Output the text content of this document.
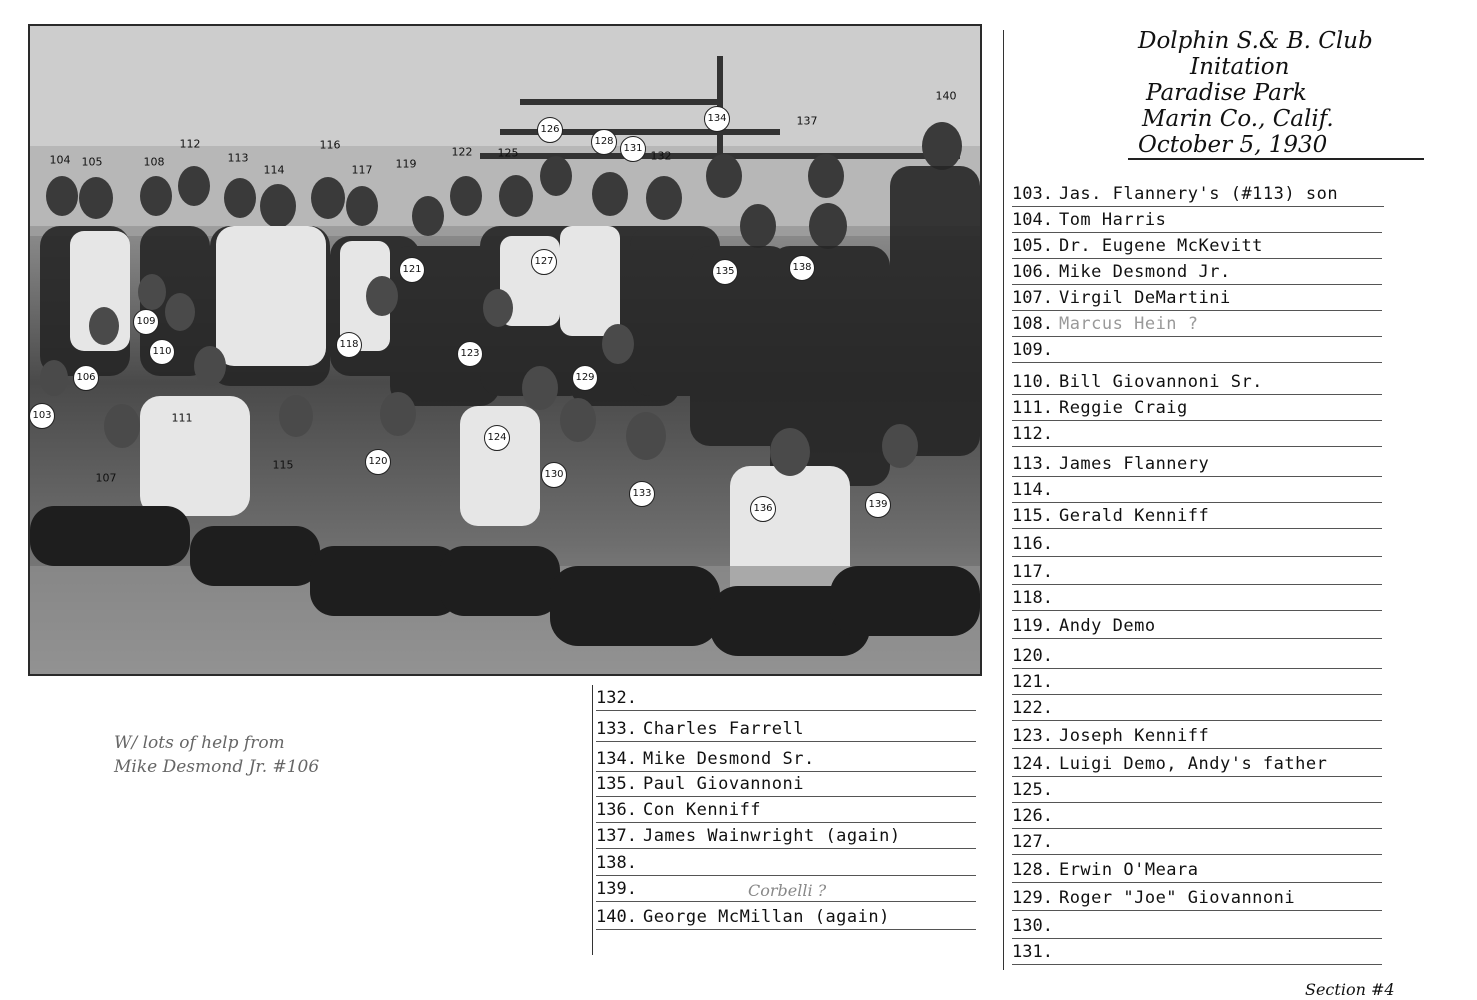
Dolphin S.& B. Club
Initation
Paradise Park
Marin Co., Calif.
October 5, 1930
103. Jas. Flannery's (#113) son
104. Tom Harris
105. Dr. Eugene McKevitt
106. Mike Desmond Jr.
107. Virgil DeMartini
108. Marcus Hein ?
109.
110. Bill Giovannoni Sr.
111. Reggie Craig
112.
113. James Flannery
114.
115. Gerald Kenniff
116.
117.
118.
119. Andy Demo
120.
121.
122.
123. Joseph Kenniff
124. Luigi Demo, Andy's father
125.
126.
127.
128. Erwin O'Meara
129. Roger "Joe" Giovannoni
130.
131.
132.
133. Charles Farrell
134. Mike Desmond Sr.
135. Paul Giovannoni
136. Con Kenniff
137. James Wainwright (again)
138.
139.
140. George McMillan (again)
W/ lots of help from
Mike Desmond Jr. #106
Corbelli ?
Section #4
103
104 105
106
107
108
109
110
111
112
113
114
115
116
117
118
119
120
121
122
123
124
125
126
127
128
129
130
131
132
133
134
135
136
137
138
139
140
